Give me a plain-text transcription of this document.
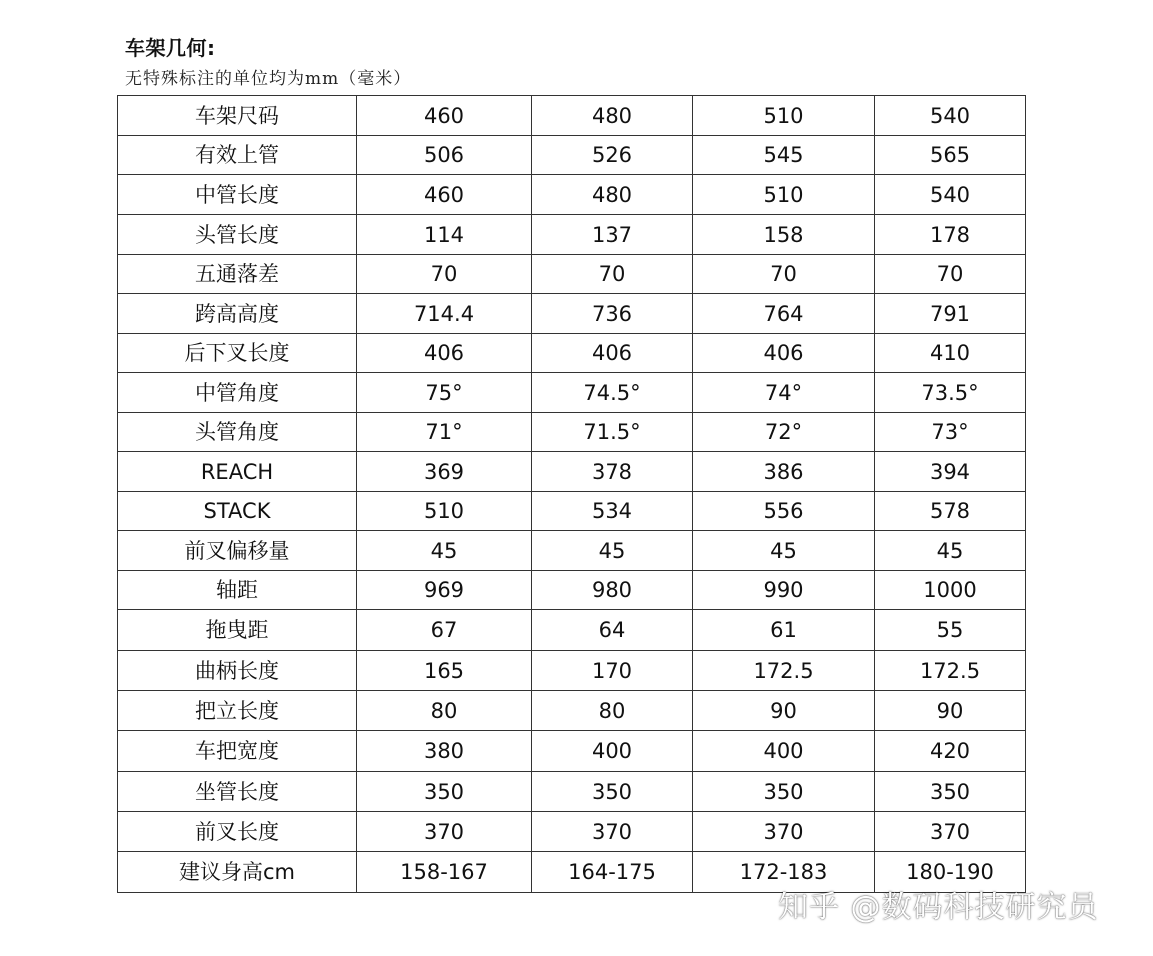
车架几何:
无特殊标注的单位均为mm（毫米）
车架尺码	460	480	510	540
有效上管	506	526	545	565
中管长度	460	480	510	540
头管长度	114	137	158	178
五通落差	70	70	70	70
跨高高度	714.4	736	764	791
后下叉长度	406	406	406	410
中管角度	75°	74.5°	74°	73.5°
头管角度	71°	71.5°	72°	73°
REACH	369	378	386	394
STACK	510	534	556	578
前叉偏移量	45	45	45	45
轴距	969	980	990	1000
拖曳距	67	64	61	55
曲柄长度	165	170	172.5	172.5
把立长度	80	80	90	90
车把宽度	380	400	400	420
坐管长度	350	350	350	350
前叉长度	370	370	370	370
建议身高cm	158-167	164-175	172-183	180-190
知乎 @数码科技研究员
